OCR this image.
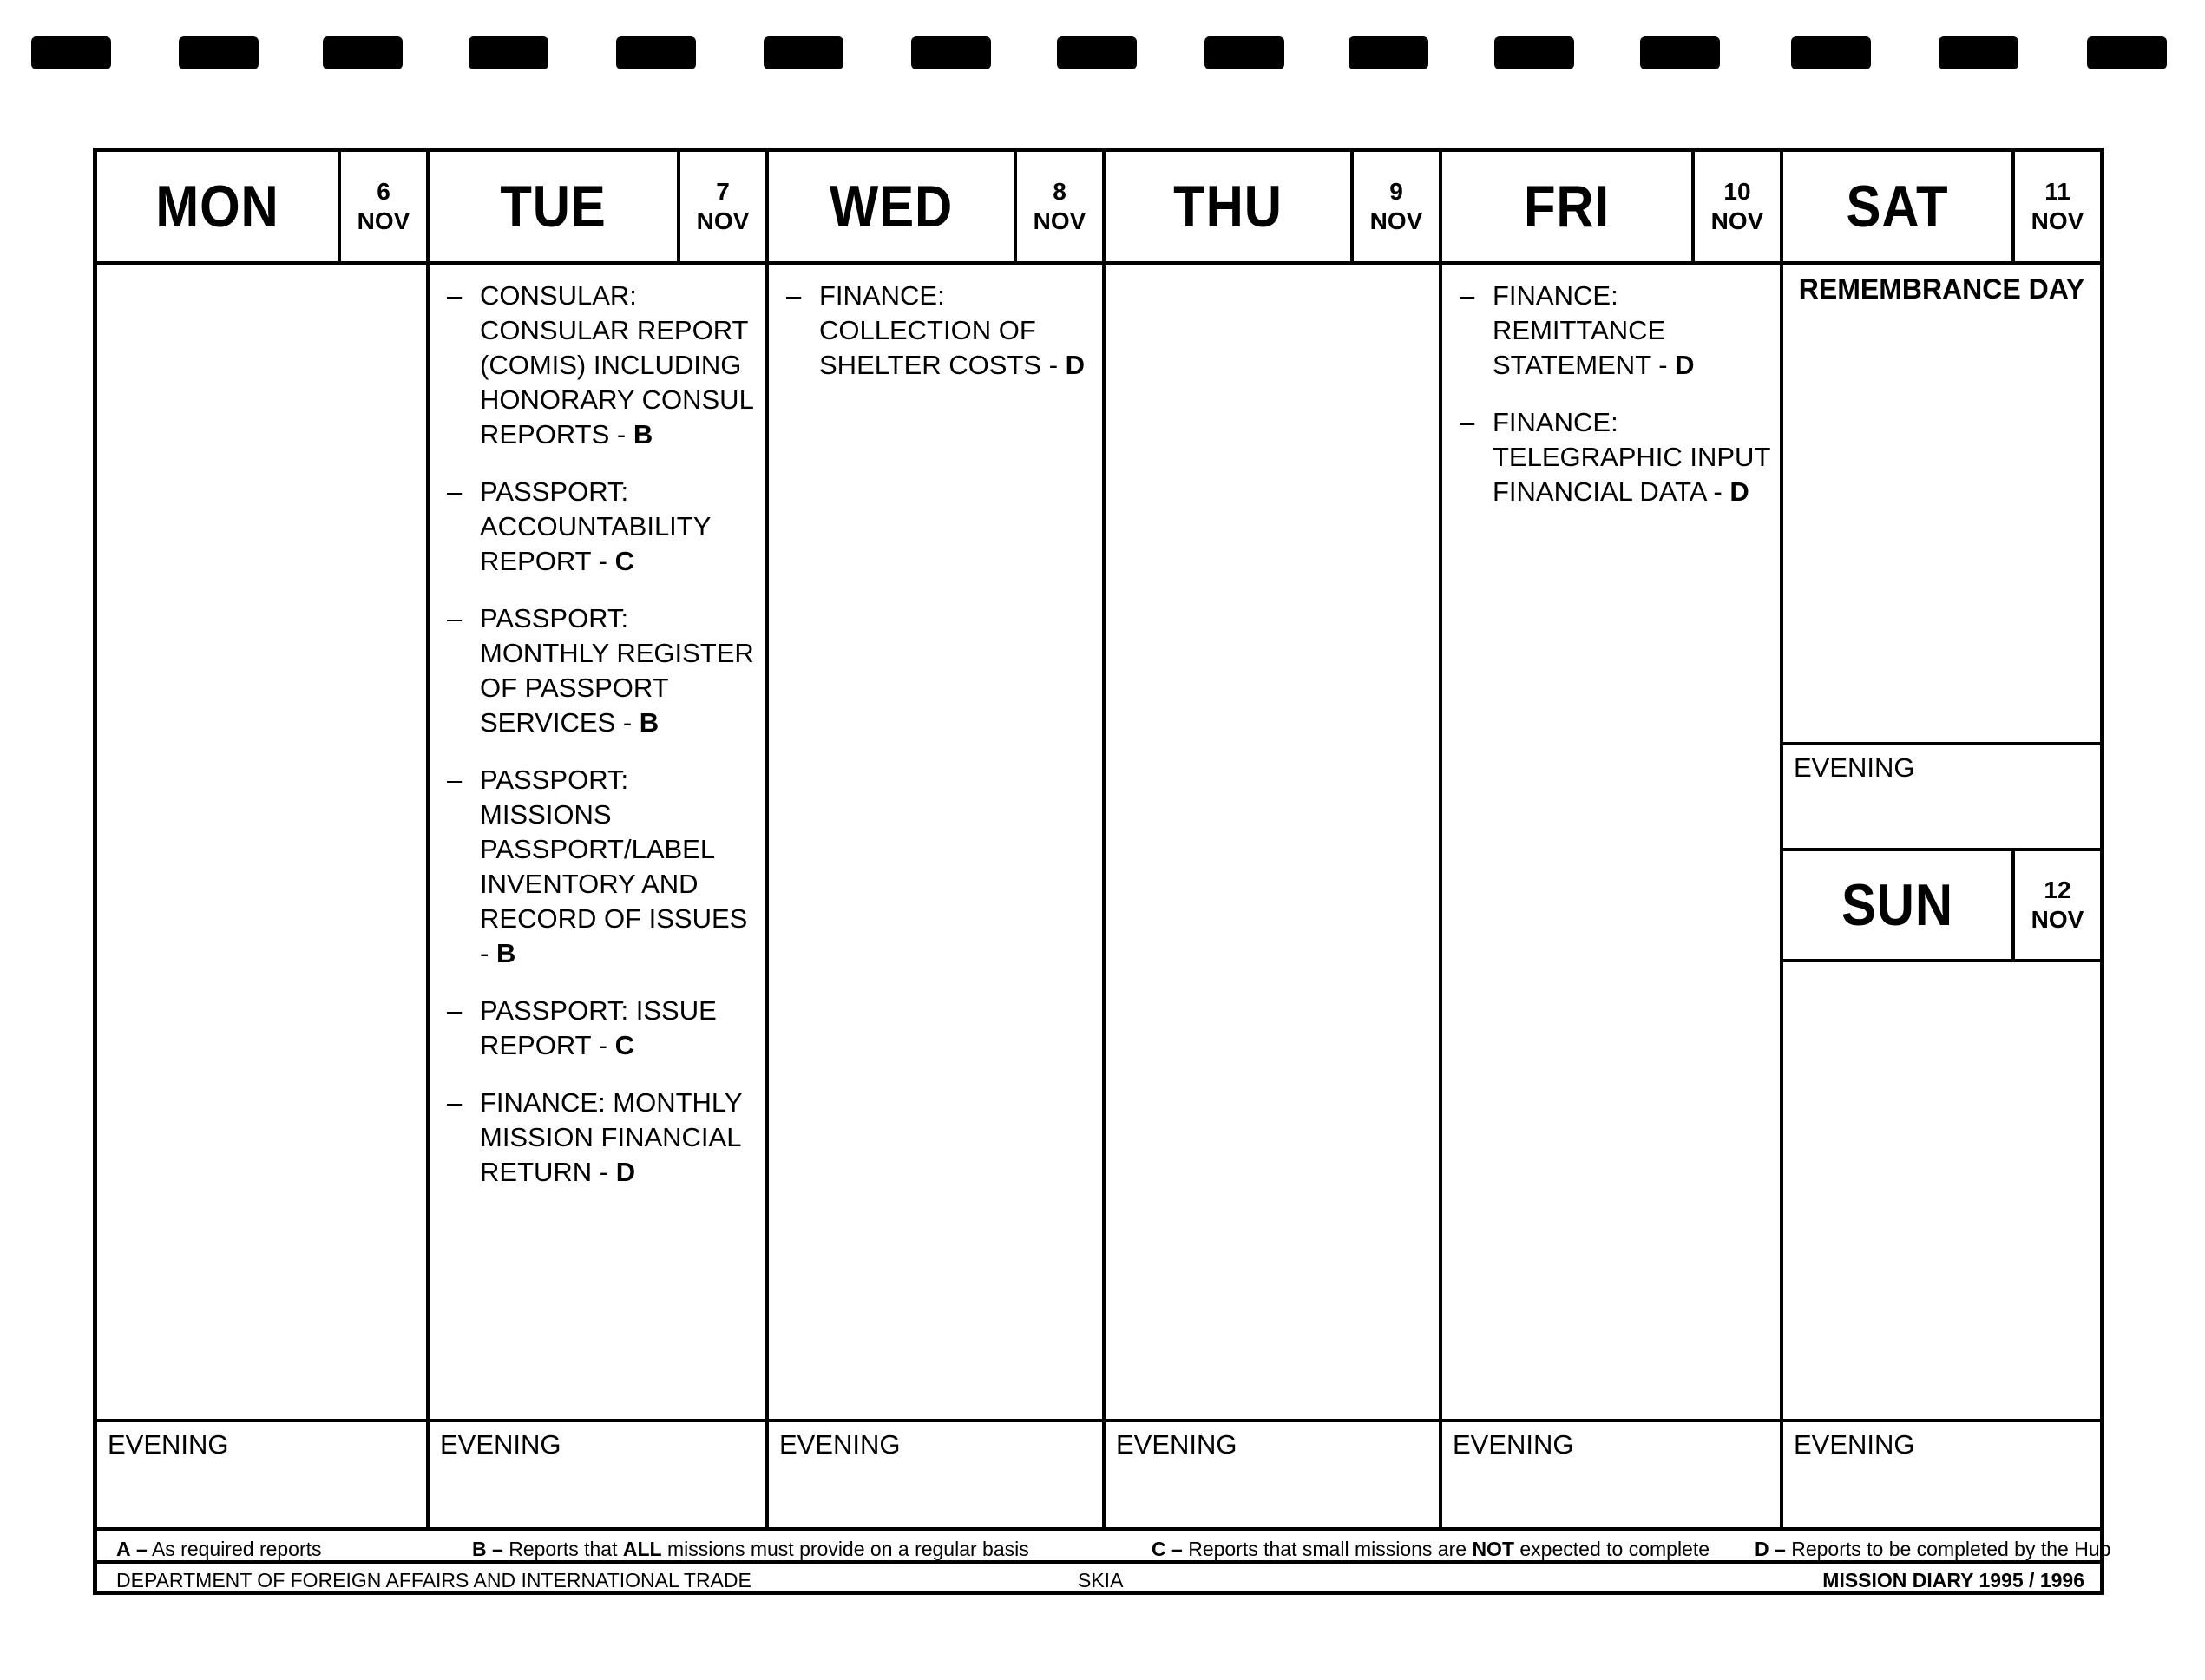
MON	6
NOV
EVENING
TUE	7
NOV
– CONSULAR: CONSULAR REPORT (COMIS) INCLUDING HONORARY CONSUL REPORTS - B
– PASSPORT: ACCOUNTABILITY REPORT - C
– PASSPORT: MONTHLY REGISTER OF PASSPORT SERVICES - B
– PASSPORT: MISSIONS PASSPORT/LABEL INVENTORY AND RECORD OF ISSUES - B
– PASSPORT: ISSUE REPORT - C
– FINANCE: MONTHLY MISSION FINANCIAL RETURN - D
EVENING
WED	8
NOV
– FINANCE: COLLECTION OF SHELTER COSTS - D
EVENING
THU	9
NOV
EVENING
FRI	10
NOV
– FINANCE: REMITTANCE STATEMENT - D
– FINANCE: TELEGRAPHIC INPUT FINANCIAL DATA - D
EVENING
SAT	11
NOV
REMEMBRANCE DAY
EVENING
SUN	12
NOV
EVENING
A – As required reports	B – Reports that ALL missions must provide on a regular basis	C – Reports that small missions are NOT expected to complete D – Reports to be completed by the Hub
DEPARTMENT OF FOREIGN AFFAIRS AND INTERNATIONAL TRADE	SKIA	MISSION DIARY 1995 / 1996
